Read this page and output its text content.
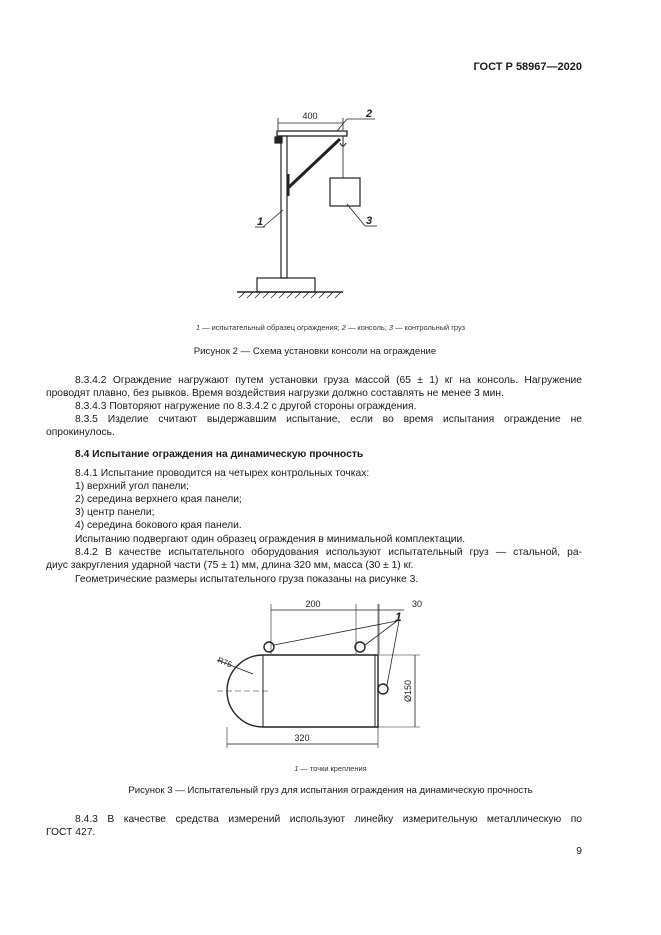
ГОСТ Р 58967—2020
400
1
2
3
1 — испытательный образец ограждения; 2 — консоль; 3 — контрольный груз
Рисунок 2 — Схема установки консоли на ограждение
8.3.4.2 Ограждение нагружают путем установки груза массой (65 ± 1) кг на консоль. Нагружение
проводят плавно, без рывков. Время воздействия нагрузки должно составлять не менее 3 мин.
8.3.4.3 Повторяют нагружение по 8.3.4.2 с другой стороны ограждения.
8.3.5 Изделие считают выдержавшим испытание, если во время испытания ограждение не
опрокинулось.
8.4 Испытание ограждения на динамическую прочность
8.4.1 Испытание проводится на четырех контрольных точках:
1) верхний угол панели;
2) середина верхнего края панели;
3) центр панели;
4) середина бокового края панели.
Испытанию подвергают один образец ограждения в минимальной комплектации.
8.4.2 В качестве испытательного оборудования используют испытательный груз — стальной, ра-
диус закругления ударной части (75 ± 1) мм, длина 320 мм, масса (30 ± 1) кг.
Геометрические размеры испытательного груза показаны на рисунке 3.
200	30
1
R75
Ø150
320
1 — точки крепления
Рисунок 3 — Испытательный груз для испытания ограждения на динамическую прочность
8.4.3 В качестве средства измерений используют линейку измерительную металлическую по
ГОСТ 427.
9
